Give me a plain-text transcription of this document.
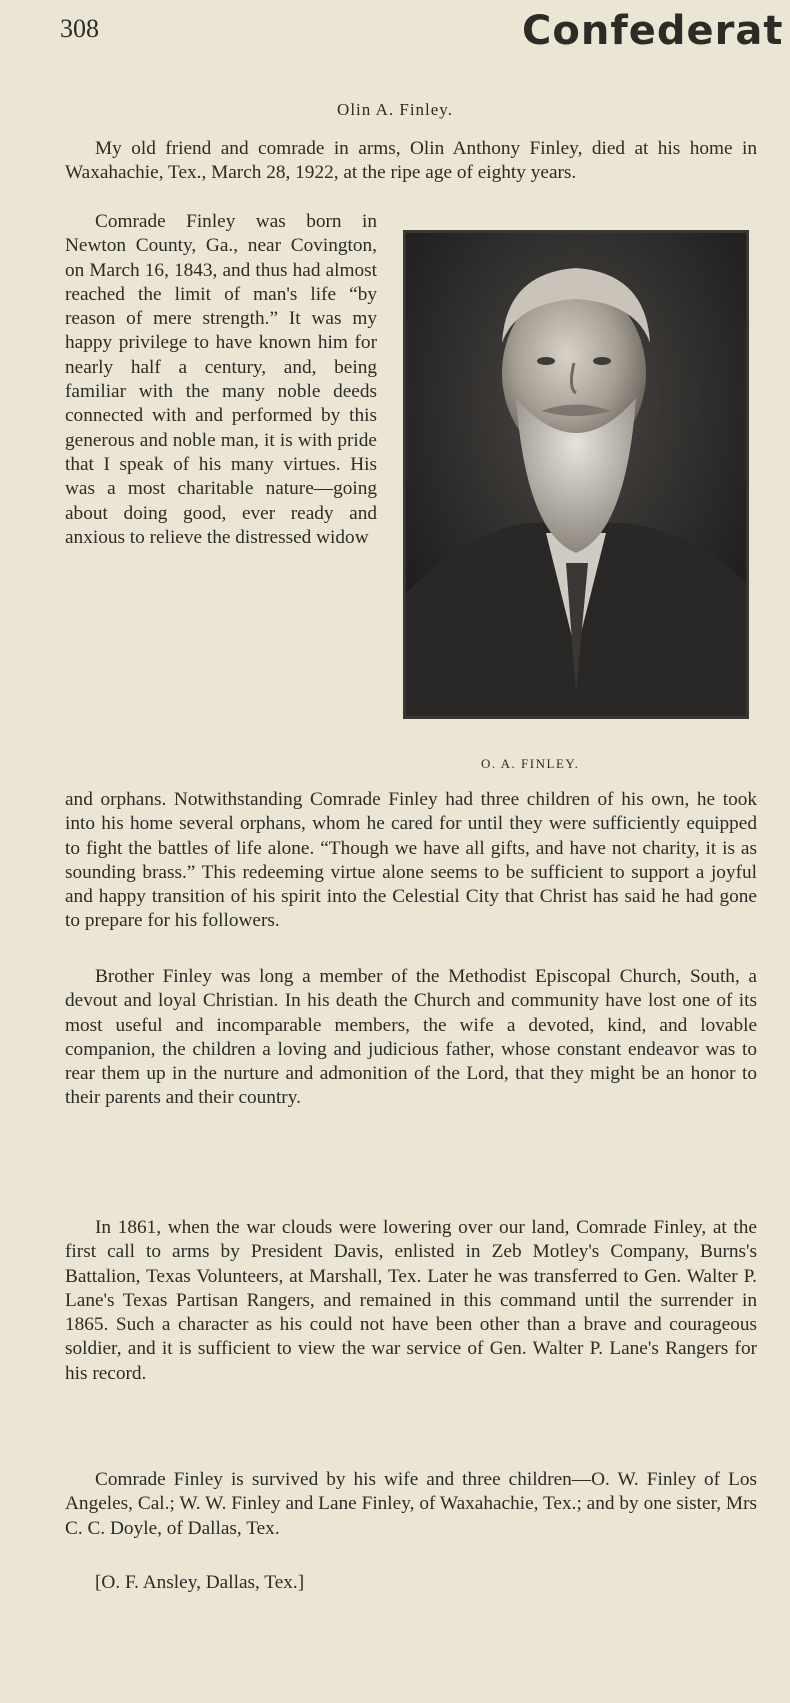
308	Confederat
Olin A. Finley.

My old friend and comrade in arms, Olin Anthony Finley, died at his home in Waxahachie, Tex., March 28, 1922, at the ripe age of eighty years.

Comrade Finley was born in Newton County, Ga., near Covington, on March 16, 1843, and thus had almost reached the limit of man's life “by reason of mere strength.” It was my happy privilege to have known him for nearly half a century, and, being familiar with the many noble deeds connected with and performed by this generous and noble man, it is with pride that I speak of his many virtues. His was a most charitable nature—going about doing good, ever ready and anxious to relieve the distressed widow

O. A. FINLEY.

and orphans. Notwithstanding Comrade Finley had three children of his own, he took into his home several orphans, whom he cared for until they were sufficiently equipped to fight the battles of life alone. “Though we have all gifts, and have not charity, it is as sounding brass.” This redeeming virtue alone seems to be sufficient to support a joyful and happy transition of his spirit into the Celestial City that Christ has said he had gone to prepare for his followers.

Brother Finley was long a member of the Methodist Episcopal Church, South, a devout and loyal Christian. In his death the Church and community have lost one of its most useful and incomparable members, the wife a devoted, kind, and lovable companion, the children a loving and judicious father, whose constant endeavor was to rear them up in the nurture and admonition of the Lord, that they might be an honor to their parents and their country.

In 1861, when the war clouds were lowering over our land, Comrade Finley, at the first call to arms by President Davis, enlisted in Zeb Motley's Company, Burns's Battalion, Texas Volunteers, at Marshall, Tex. Later he was transferred to Gen. Walter P. Lane's Texas Partisan Rangers, and remained in this command until the surrender in 1865. Such a character as his could not have been other than a brave and courageous soldier, and it is sufficient to view the war service of Gen. Walter P. Lane's Rangers for his record.

Comrade Finley is survived by his wife and three children—O. W. Finley of Los Angeles, Cal.; W. W. Finley and Lane Finley, of Waxahachie, Tex.; and by one sister, Mrs C. C. Doyle, of Dallas, Tex.

[O. F. Ansley, Dallas, Tex.]
